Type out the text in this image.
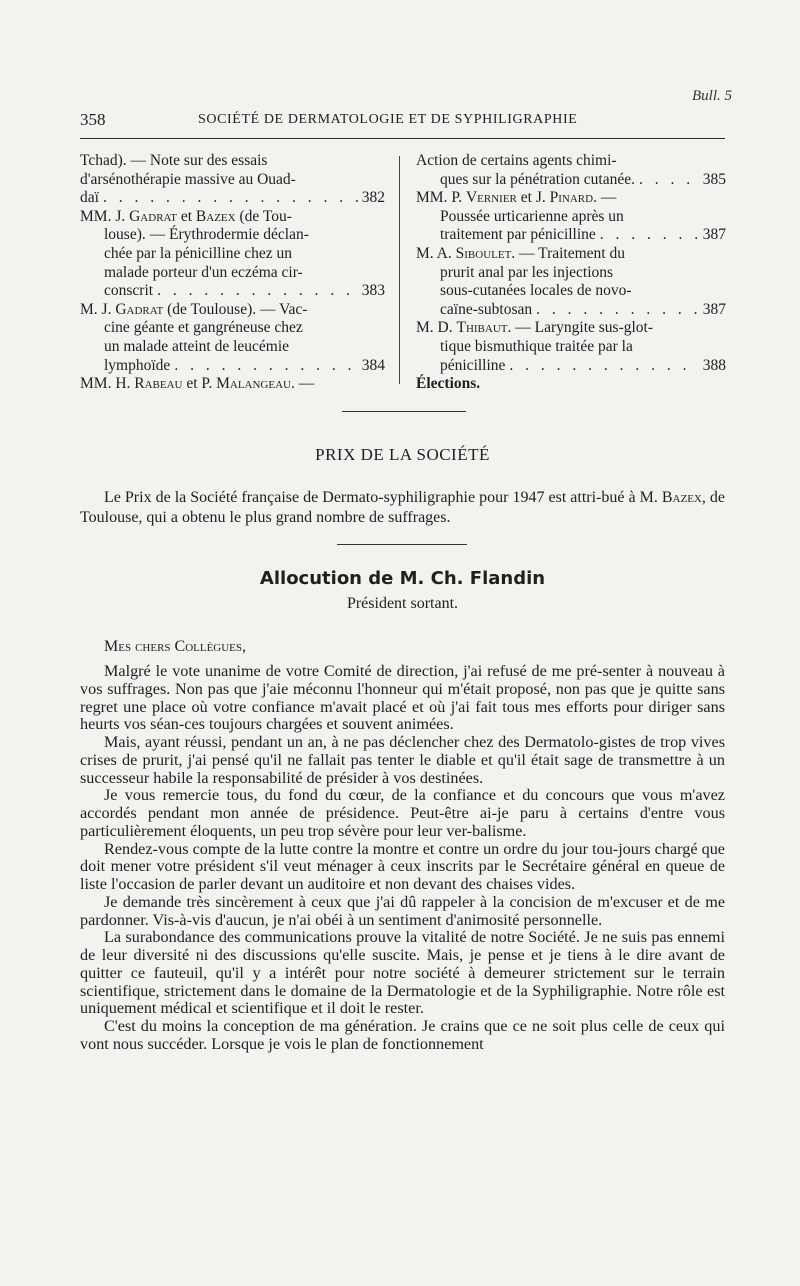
Bull. 5
358	SOCIÉTÉ DE DERMATOLOGIE ET DE SYPHILIGRAPHIE
Tchad). — Note sur des essais
d'arsénothérapie massive au Ouad-
daï . . .	382
MM. J. Gadrat et Bazex (de Tou-
louse). — Érythrodermie déclan-
chée par la pénicilline chez un
malade porteur d'un eczéma cir-
conscrit . . .	383
M. J. Gadrat (de Toulouse). — Vac-
cine géante et gangréneuse chez
un malade atteint de leucémie
lymphoïde . . .	384
MM. H. Rabeau et P. Malangeau. —
Action de certains agents chimi-
ques sur la pénétration cutanée. . . .	385
MM. P. Vernier et J. Pinard. —
Poussée urticarienne après un
traitement par pénicilline . . .	387
M. A. Siboulet. — Traitement du
prurit anal par les injections
sous-cutanées locales de novo-
caïne-subtosan . . .	387
M. D. Thibaut. — Laryngite sus-glot-
tique bismuthique traitée par la
pénicilline . . .	388
Élections.
PRIX DE LA SOCIÉTÉ
Le Prix de la Société française de Dermato-syphiligraphie pour 1947 est attri-bué à M. Bazex, de Toulouse, qui a obtenu le plus grand nombre de suffrages.
Allocution de M. Ch. Flandin
Président sortant.
Mes chers Collègues,

Malgré le vote unanime de votre Comité de direction, j'ai refusé de me pré-senter à nouveau à vos suffrages. Non pas que j'aie méconnu l'honneur qui m'était proposé, non pas que je quitte sans regret une place où votre confiance m'avait placé et où j'ai fait tous mes efforts pour diriger sans heurts vos séan-ces toujours chargées et souvent animées.

Mais, ayant réussi, pendant un an, à ne pas déclencher chez des Dermatolo-gistes de trop vives crises de prurit, j'ai pensé qu'il ne fallait pas tenter le diable et qu'il était sage de transmettre à un successeur habile la responsabilité de présider à vos destinées.

Je vous remercie tous, du fond du cœur, de la confiance et du concours que vous m'avez accordés pendant mon année de présidence. Peut-être ai-je paru à certains d'entre vous particulièrement éloquents, un peu trop sévère pour leur ver-balisme.

Rendez-vous compte de la lutte contre la montre et contre un ordre du jour tou-jours chargé que doit mener votre président s'il veut ménager à ceux inscrits par le Secrétaire général en queue de liste l'occasion de parler devant un auditoire et non devant des chaises vides.

Je demande très sincèrement à ceux que j'ai dû rappeler à la concision de m'excuser et de me pardonner. Vis-à-vis d'aucun, je n'ai obéi à un sentiment d'animosité personnelle.

La surabondance des communications prouve la vitalité de notre Société. Je ne suis pas ennemi de leur diversité ni des discussions qu'elle suscite. Mais, je pense et je tiens à le dire avant de quitter ce fauteuil, qu'il y a intérêt pour notre société à demeurer strictement sur le terrain scientifique, strictement dans le domaine de la Dermatologie et de la Syphiligraphie. Notre rôle est uniquement médical et scientifique et il doit le rester.

C'est du moins la conception de ma génération. Je crains que ce ne soit plus celle de ceux qui vont nous succéder. Lorsque je vois le plan de fonctionnement
